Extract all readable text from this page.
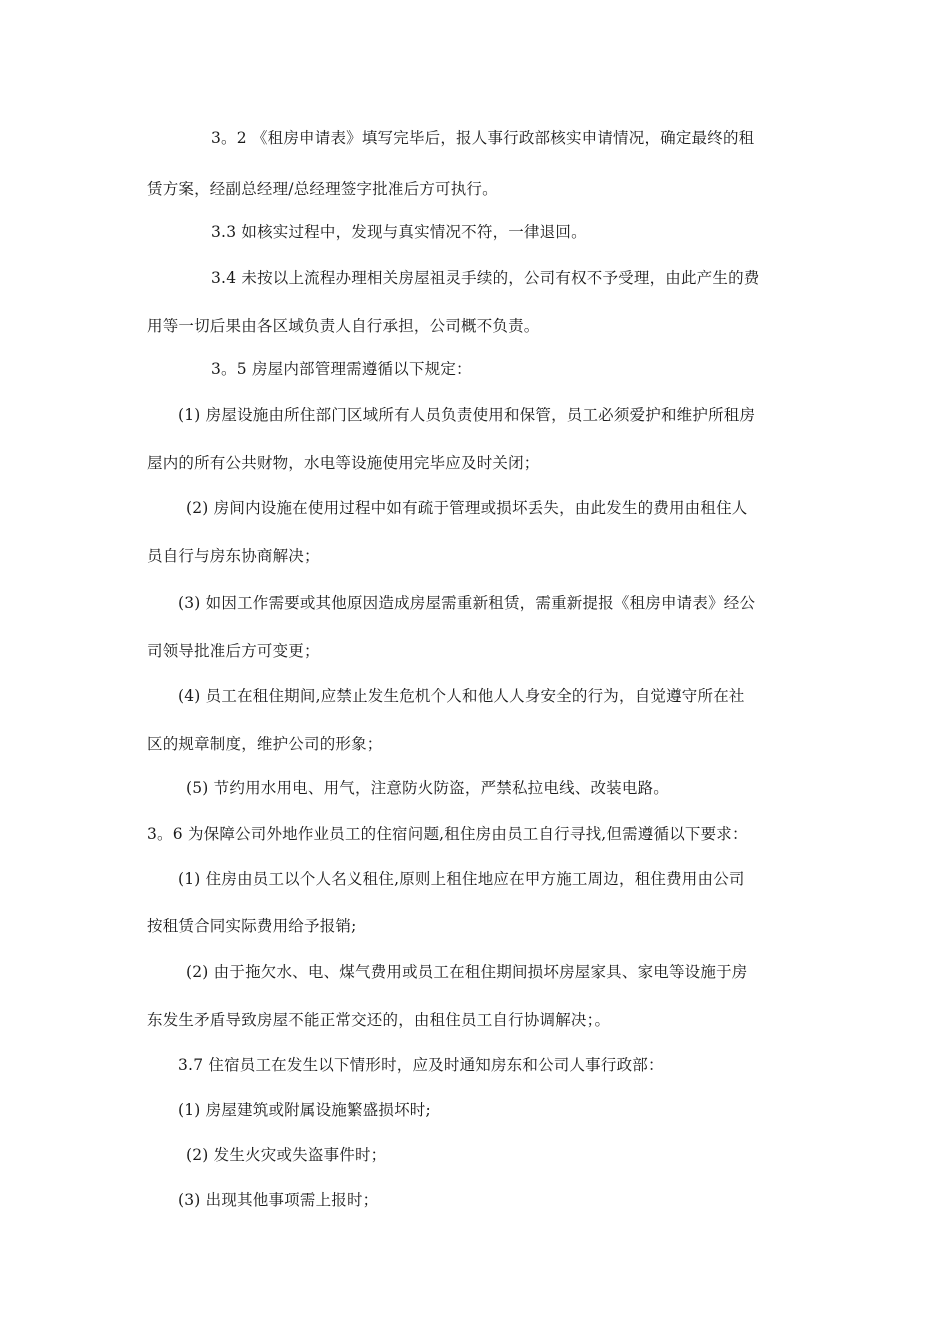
3。2 《租房申请表》填写完毕后，报人事行政部核实申请情况，确定最终的租
赁方案，经副总经理/总经理签字批准后方可执行。
3.3 如核实过程中，发现与真实情况不符，一律退回。
3.4 未按以上流程办理相关房屋祖灵手续的，公司有权不予受理，由此产生的费
用等一切后果由各区域负责人自行承担，公司概不负责。
3。5 房屋内部管理需遵循以下规定：
(1) 房屋设施由所住部门区域所有人员负责使用和保管，员工必须爱护和维护所租房
屋内的所有公共财物，水电等设施使用完毕应及时关闭；
(2) 房间内设施在使用过程中如有疏于管理或损坏丢失，由此发生的费用由租住人
员自行与房东协商解决；
(3) 如因工作需要或其他原因造成房屋需重新租赁，需重新提报《租房申请表》经公
司领导批准后方可变更；
(4) 员工在租住期间,应禁止发生危机个人和他人人身安全的行为，自觉遵守所在社
区的规章制度，维护公司的形象；
(5) 节约用水用电、用气，注意防火防盗，严禁私拉电线、改装电路。
3。6 为保障公司外地作业员工的住宿问题,租住房由员工自行寻找,但需遵循以下要求：
(1) 住房由员工以个人名义租住,原则上租住地应在甲方施工周边，租住费用由公司
按租赁合同实际费用给予报销;
(2) 由于拖欠水、电、煤气费用或员工在租住期间损坏房屋家具、家电等设施于房
东发生矛盾导致房屋不能正常交还的，由租住员工自行协调解决；。
3.7 住宿员工在发生以下情形时，应及时通知房东和公司人事行政部：
(1) 房屋建筑或附属设施繁盛损坏时;
(2) 发生火灾或失盗事件时；
(3) 出现其他事项需上报时；
